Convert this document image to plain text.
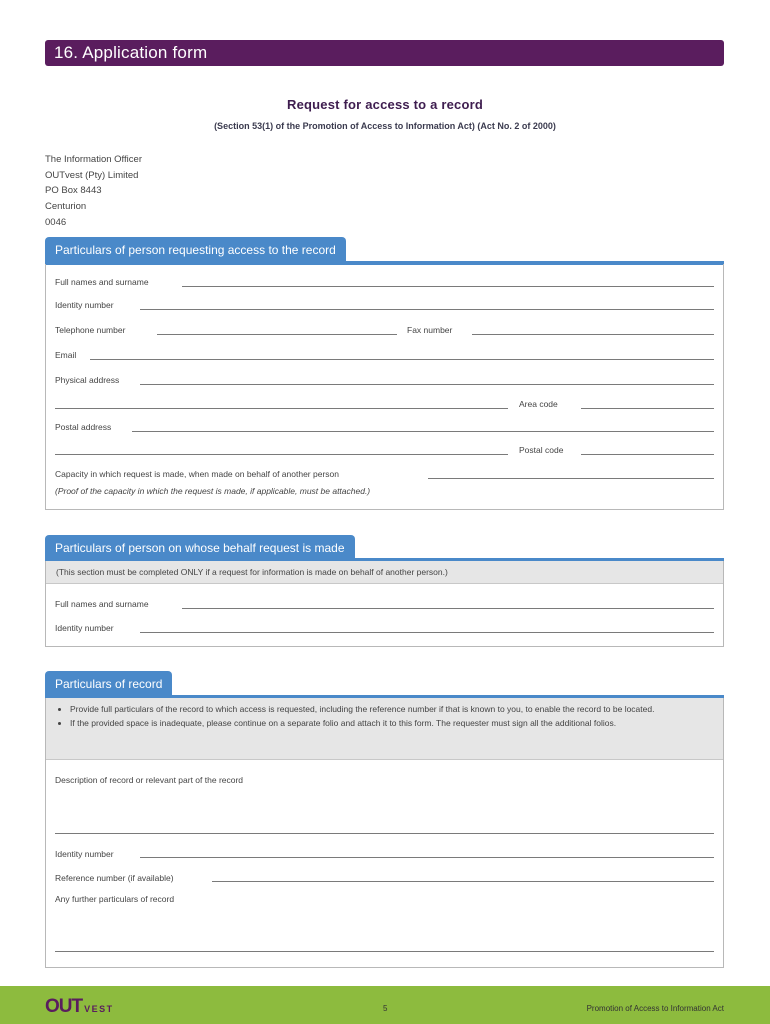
16. Application form
Request for access to a record
(Section 53(1) of the Promotion of Access to Information Act) (Act No. 2 of 2000)
The Information Officer
OUTvest (Pty) Limited
PO Box 8443
Centurion
0046
Particulars of person requesting access to the record
Full names and surname
Identity number
Telephone number	Fax number
Email
Physical address
Area code
Postal address
Postal code
Capacity in which request is made, when made on behalf of another person
(Proof of the capacity in which the request is made, if applicable, must be attached.)
Particulars of person on whose behalf request is made
(This section must be completed ONLY if a request for information is made on behalf of another person.)
Full names and surname
Identity number
Particulars of record
• Provide full particulars of the record to which access is requested, including the reference number if that is known to you, to enable the record to be located.
• If the provided space is inadequate, please continue on a separate folio and attach it to this form. The requester must sign all the additional folios.
Description of record or relevant part of the record
Identity number
Reference number (if available)
Any further particulars of record
OUT VEST	5	Promotion of Access to Information Act
